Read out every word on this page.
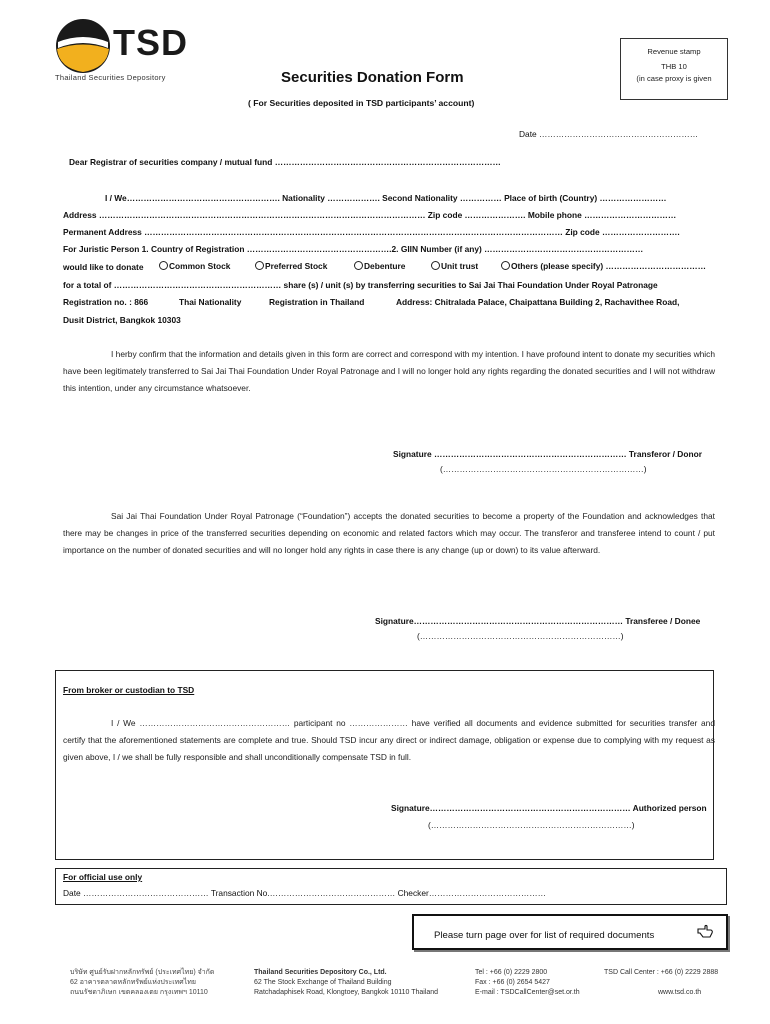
TSD
Thailand Securities Depository
Revenue stamp
THB 10
(in case proxy is given
Securities Donation Form
( For Securities deposited in TSD participants’ account)
Date …………………………………………………
Dear Registrar of securities company / mutual fund ………………………………………………………………………
I / We………………………………………………. Nationality ………………. Second Nationality …………… Place of birth (Country) ……………………
Address ……………………………………………………………………………………………………… Zip code …………………. Mobile phone ……………………………
Permanent Address …………………………………………………………………………………………………………………………………… Zip code ……………………….
For Juristic Person 1. Country of Registration …………………………………………….2. GIIN Number (if any) …………………………………………………
would like to donate	Common Stock	Preferred Stock	Debenture	Unit trust	Others (please specify) ………………………………
for a total of …………………………………………………… share (s) / unit (s) by transferring securities to Sai Jai Thai Foundation Under Royal Patronage
Registration no. : 866	Thai Nationality	Registration in Thailand	Address: Chitralada Palace, Chaipattana Building 2, Rachavithee Road,
Dusit District, Bangkok 10303
I herby confirm that the information and details given in this form are correct and correspond with my intention. I have profound intent to donate my securities which have been legitimately transferred to Sai Jai Thai Foundation Under Royal Patronage and I will no longer hold any rights regarding the donated securities and I will not withdraw this intention, under any circumstance whatsoever.
Signature …………………………………………………………… Transferor / Donor
(………………………………………………………………)
Sai Jai Thai Foundation Under Royal Patronage (“Foundation”) accepts the donated securities to become a property of the Foundation and acknowledges that there may be changes in price of the transferred securities depending on economic and related factors which may occur. The transferor and transferee intend to count / put importance on the number of donated securities and will no longer hold any rights in case there is any change (up or down) to its value afterward.
Signature………………………………………………………………… Transferee / Donee
(………………………………………………………………)
From broker or custodian to TSD
I / We ……………………………………………… participant no ………………… have verified all documents and evidence submitted for securities transfer and certify that the aforementioned statements are complete and true. Should TSD incur any direct or indirect damage, obligation or expense due to complying with my request as given above, I / we shall be fully responsible and shall unconditionally compensate TSD in full.
Signature……………………………………………………………… Authorized person
(………………………………………………………………)
For official use only
Date ……………………………………… Transaction No.……………………………………… Checker……………………………………
Please turn page over for list of required documents
บริษัท ศูนย์รับฝากหลักทรัพย์ (ประเทศไทย) จำกัด
62 อาคารตลาดหลักทรัพย์แห่งประเทศไทย
ถนนรัชดาภิเษก เขตคลองเตย กรุงเทพฯ 10110
Thailand Securities Depository Co., Ltd.
62 The Stock Exchange of Thailand Building
Ratchadaphisek Road, Klongtoey, Bangkok 10110 Thailand
Tel : +66 (0) 2229 2800
Fax : +66 (0) 2654 5427
E-mail : TSDCallCenter@set.or.th
TSD Call Center : +66 (0) 2229 2888
www.tsd.co.th
